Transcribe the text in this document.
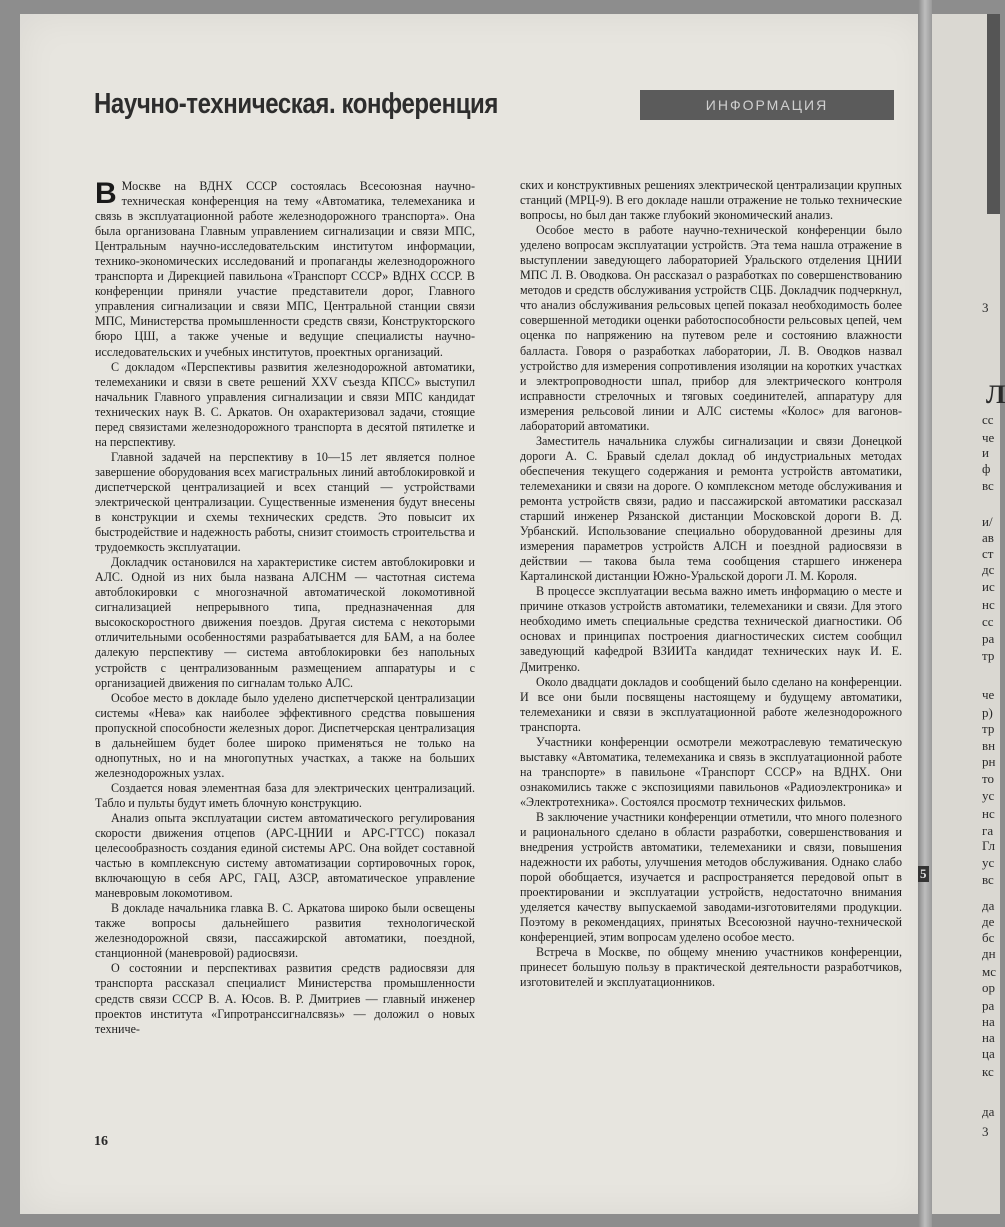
Научно-техническая. конференция	ИНФОРМАЦИЯ

В Москве на ВДНХ СССР состоялась Всесоюзная научно-техническая конференция на тему «Автоматика, телемеханика и связь в эксплуатационной работе железнодорожного транспорта». Она была организована Главным управлением сигнализации и связи МПС, Центральным научно-исследовательским институтом информации, технико-экономических исследований и пропаганды железнодорожного транспорта и Дирекцией павильона «Транспорт СССР» ВДНХ СССР. В конференции приняли участие представители дорог, Главного управления сигнализации и связи МПС, Центральной станции связи МПС, Министерства промышленности средств связи, Конструкторского бюро ЦШ, а также ученые и ведущие специалисты научно-исследовательских и учебных институтов, проектных организаций.

С докладом «Перспективы развития железнодорожной автоматики, телемеханики и связи в свете решений XXV съезда КПСС» выступил начальник Главного управления сигнализации и связи МПС кандидат технических наук В. С. Аркатов. Он охарактеризовал задачи, стоящие перед связистами железнодорожного транспорта в десятой пятилетке и на перспективу.

Главной задачей на перспективу в 10—15 лет является полное завершение оборудования всех магистральных линий автоблокировкой и диспетчерской централизацией и всех станций — устройствами электрической централизации. Существенные изменения будут внесены в конструкции и схемы технических средств. Это повысит их быстродействие и надежность работы, снизит стоимость строительства и трудоемкость эксплуатации.

Докладчик остановился на характеристике систем автоблокировки и АЛС. Одной из них была названа АЛСНМ — частотная система автоблокировки с многозначной автоматической локомотивной сигнализацией непрерывного типа, предназначенная для высокоскоростного движения поездов. Другая система с некоторыми отличительными особенностями разрабатывается для БАМ, а на более далекую перспективу — система автоблокировки без напольных устройств с централизованным размещением аппаратуры и с организацией движения по сигналам только АЛС.

Особое место в докладе было уделено диспетчерской централизации системы «Нева» как наиболее эффективного средства повышения пропускной способности железных дорог. Диспетчерская централизация в дальнейшем будет более широко применяться не только на однопутных, но и на многопутных участках, а также на больших железнодорожных узлах.

Создается новая элементная база для электрических централизаций. Табло и пульты будут иметь блочную конструкцию.

Анализ опыта эксплуатации систем автоматического регулирования скорости движения отцепов (АРС-ЦНИИ и АРС-ГТСС) показал целесообразность создания единой системы АРС. Она войдет составной частью в комплексную систему автоматизации сортировочных горок, включающую в себя АРС, ГАЦ, АЗСР, автоматическое управление маневровым локомотивом.

В докладе начальника главка В. С. Аркатова широко были освещены также вопросы дальнейшего развития технологической железнодорожной связи, пассажирской автоматики, поездной, станционной (маневровой) радиосвязи.

О состоянии и перспективах развития средств радиосвязи для транспорта рассказал специалист Министерства промышленности средств связи СССР В. А. Юсов. В. Р. Дмитриев — главный инженер проектов института «Гипротранссигналсвязь» — доложил о новых техниче-

ских и конструктивных решениях электрической централизации крупных станций (МРЦ-9). В его докладе нашли отражение не только технические вопросы, но был дан также глубокий экономический анализ.

Особое место в работе научно-технической конференции было уделено вопросам эксплуатации устройств. Эта тема нашла отражение в выступлении заведующего лабораторией Уральского отделения ЦНИИ МПС Л. В. Оводкова. Он рассказал о разработках по совершенствованию методов и средств обслуживания устройств СЦБ. Докладчик подчеркнул, что анализ обслуживания рельсовых цепей показал необходимость более совершенной методики оценки работоспособности рельсовых цепей, чем оценка по напряжению на путевом реле и состоянию влажности балласта. Говоря о разработках лаборатории, Л. В. Оводков назвал устройство для измерения сопротивления изоляции на коротких участках и электропроводности шпал, прибор для электрического контроля исправности стрелочных и тяговых соединителей, аппаратуру для измерения рельсовой линии и АЛС системы «Колос» для вагонов-лабораторий автоматики.

Заместитель начальника службы сигнализации и связи Донецкой дороги А. С. Бравый сделал доклад об индустриальных методах обеспечения текущего содержания и ремонта устройств автоматики, телемеханики и связи на дороге. О комплексном методе обслуживания и ремонта устройств связи, радио и пассажирской автоматики рассказал старший инженер Рязанской дистанции Московской дороги В. Д. Урбанский. Использование специально оборудованной дрезины для измерения параметров устройств АЛСН и поездной радиосвязи в действии — такова была тема сообщения старшего инженера Карталинской дистанции Южно-Уральской дороги Л. М. Короля.

В процессе эксплуатации весьма важно иметь информацию о месте и причине отказов устройств автоматики, телемеханики и связи. Для этого необходимо иметь специальные средства технической диагностики. Об основах и принципах построения диагностических систем сообщил заведующий кафедрой ВЗИИТа кандидат технических наук И. Е. Дмитренко.

Около двадцати докладов и сообщений было сделано на конференции. И все они были посвящены настоящему и будущему автоматики, телемеханики и связи в эксплуатационной работе железнодорожного транспорта.

Участники конференции осмотрели межотраслевую тематическую выставку «Автоматика, телемеханика и связь в эксплуатационной работе на транспорте» в павильоне «Транспорт СССР» на ВДНХ. Они ознакомились также с экспозициями павильонов «Радиоэлектроника» и «Электротехника». Состоялся просмотр технических фильмов.

В заключение участники конференции отметили, что много полезного и рационального сделано в области разработки, совершенствования и внедрения устройств автоматики, телемеханики и связи, повышения надежности их работы, улучшения методов обслуживания. Однако слабо порой обобщается, изучается и распространяется передовой опыт в проектировании и эксплуатации устройств, недостаточно внимания уделяется качеству выпускаемой заводами-изготовителями продукции. Поэтому в рекомендациях, принятых Всесоюзной научно-технической конференцией, этим вопросам уделено особое место.

Встреча в Москве, по общему мнению участников конференции, принесет большую пользу в практической деятельности разработчиков, изготовителей и эксплуатационников.

16
3
Л
сс
че
и
ф
вс
и/
ав
ст
дс
ис
нс
сс
ра
тр
че
р)
тр
вн
рн
то
ус
нс
га
Гл
ус
вс
5
да
де
бс
дн
мс
ор
ра
на
на
ца
кс
да
3
